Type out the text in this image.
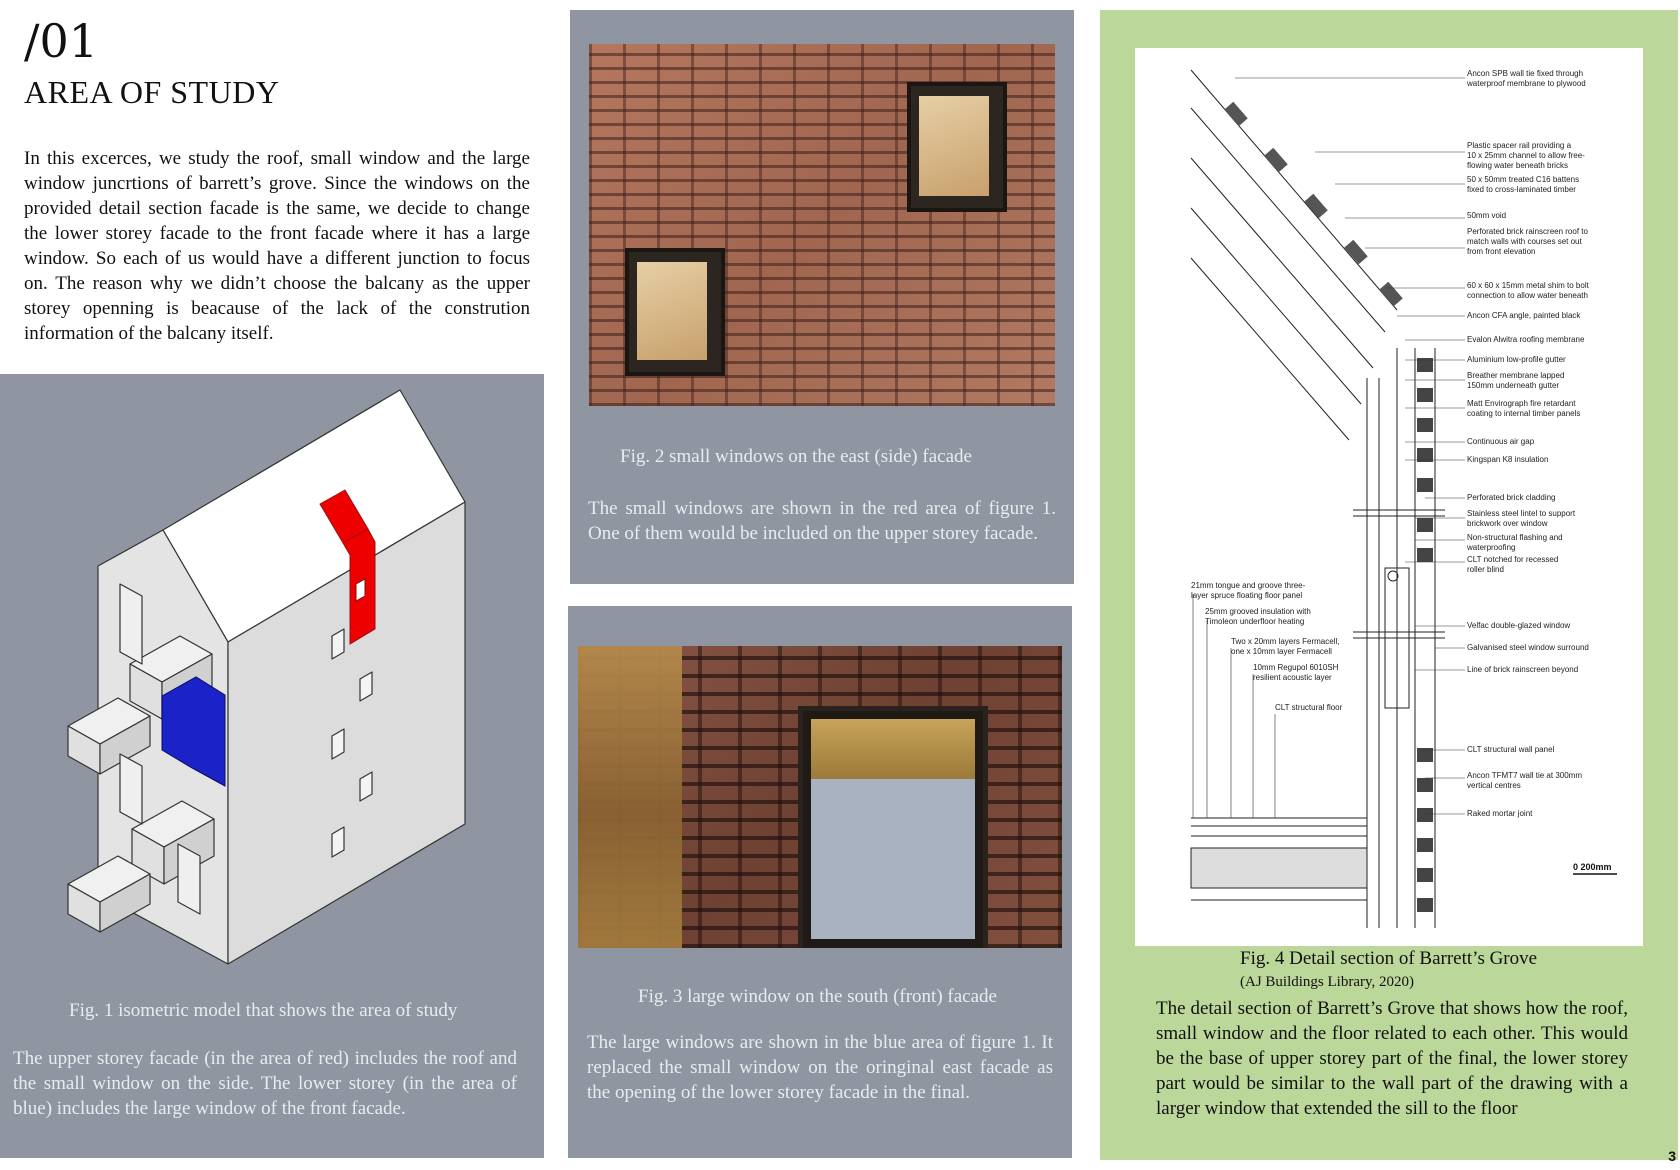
/01
AREA OF STUDY
In this excerces, we study the roof, small window and the large window juncrtions of barrett’s grove. Since the windows on the provided detail section facade is the same, we decide to change the lower storey facade to the front facade where it has a large window. So each of us would have a different junction to focus on. The reason why we didn’t choose the balcany as the upper storey openning is beacause of the lack of the constrution information of the balcany itself.
Fig. 1 isometric model that shows the area of study
The upper storey facade (in the area of red) includes the roof and the small window on the side. The lower storey (in the area of blue) includes the large window of the front facade.
Fig. 2 small windows on the east (side) facade
The small windows are shown in the red area of figure 1. One of them would be included on the upper storey facade.
Fig. 3 large window on the south (front) facade
The large windows are shown in the blue area of figure 1. It replaced the small window on the oringinal east facade as the opening of the lower storey facade in the final.
Ancon SPB wall tie fixed through
waterproof membrane to plywood
Plastic spacer rail providing a
10 x 25mm channel to allow free-
flowing water beneath bricks
50 x 50mm treated C16 battens
fixed to cross-laminated timber
50mm void
Perforated brick rainscreen roof to
match walls with courses set out
from front elevation
60 x 60 x 15mm metal shim to bolt
connection to allow water beneath
Ancon CFA angle, painted black
Evalon Alwitra roofing membrane
Aluminium low-profile gutter
Breather membrane lapped
150mm underneath gutter
Matt Envirograph fire retardant
coating to internal timber panels
Continuous air gap
Kingspan K8 insulation
Perforated brick cladding
Stainless steel lintel to support
brickwork over window
Non-structural flashing and
waterproofing
CLT notched for recessed
roller blind
Velfac double-glazed window
Galvanised steel window surround
Line of brick rainscreen beyond
CLT structural wall panel
Ancon TFMT7 wall tie at 300mm
vertical centres
Raked mortar joint
21mm tongue and groove three-
layer spruce floating floor panel
25mm grooved insulation with
Timoleon underfloor heating
Two x 20mm layers Fermacell,
one x 10mm layer Fermacell
10mm Regupol 6010SH
resilient acoustic layer
CLT structural floor
0 200mm
Fig. 4 Detail section of Barrett’s Grove
(AJ Buildings Library, 2020)
The detail section of Barrett’s Grove that shows how the roof, small window and the floor related to each other. This would be the base of upper storey part of the final, the lower storey part would be similar to the wall part of the drawing with a larger window that extended the sill to the floor
3
